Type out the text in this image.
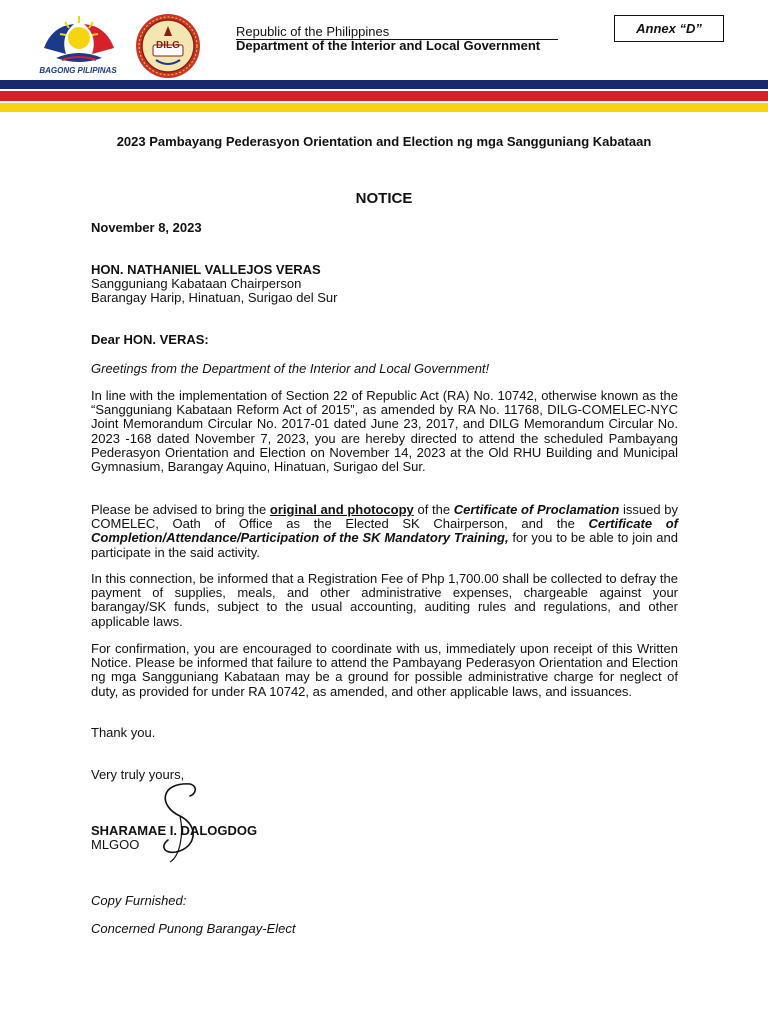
BAGONG PILIPINAS
DILG
Republic of the Philippines
Department of the Interior and Local Government
Annex “D”
2023 Pambayang Pederasyon Orientation and Election ng mga Sangguniang Kabataan
NOTICE
November 8, 2023
HON. NATHANIEL VALLEJOS VERAS
Sangguniang Kabataan Chairperson
Barangay Harip, Hinatuan, Surigao del Sur
Dear HON. VERAS:
Greetings from the Department of the Interior and Local Government!
In line with the implementation of Section 22 of Republic Act (RA) No. 10742, otherwise known as the “Sangguniang Kabataan Reform Act of 2015”, as amended by RA No. 11768, DILG-COMELEC-NYC Joint Memorandum Circular No. 2017-01 dated June 23, 2017, and DILG Memorandum Circular No. 2023 -168 dated November 7, 2023, you are hereby directed to attend the scheduled Pambayang Pederasyon Orientation and Election on November 14, 2023 at the Old RHU Building and Municipal Gymnasium, Barangay Aquino, Hinatuan, Surigao del Sur.
Please be advised to bring the original and photocopy of the Certificate of Proclamation issued by COMELEC, Oath of Office as the Elected SK Chairperson, and the Certificate of Completion/Attendance/Participation of the SK Mandatory Training, for you to be able to join and participate in the said activity.
In this connection, be informed that a Registration Fee of Php 1,700.00 shall be collected to defray the payment of supplies, meals, and other administrative expenses, chargeable against your barangay/SK funds, subject to the usual accounting, auditing rules and regulations, and other applicable laws.
For confirmation, you are encouraged to coordinate with us, immediately upon receipt of this Written Notice. Please be informed that failure to attend the Pambayang Pederasyon Orientation and Election ng mga Sangguniang Kabataan may be a ground for possible administrative charge for neglect of duty, as provided for under RA 10742, as amended, and other applicable laws, and issuances.
Thank you.
Very truly yours,
SHARAMAE I. DALOGDOG
MLGOO
Copy Furnished:
Concerned Punong Barangay-Elect
